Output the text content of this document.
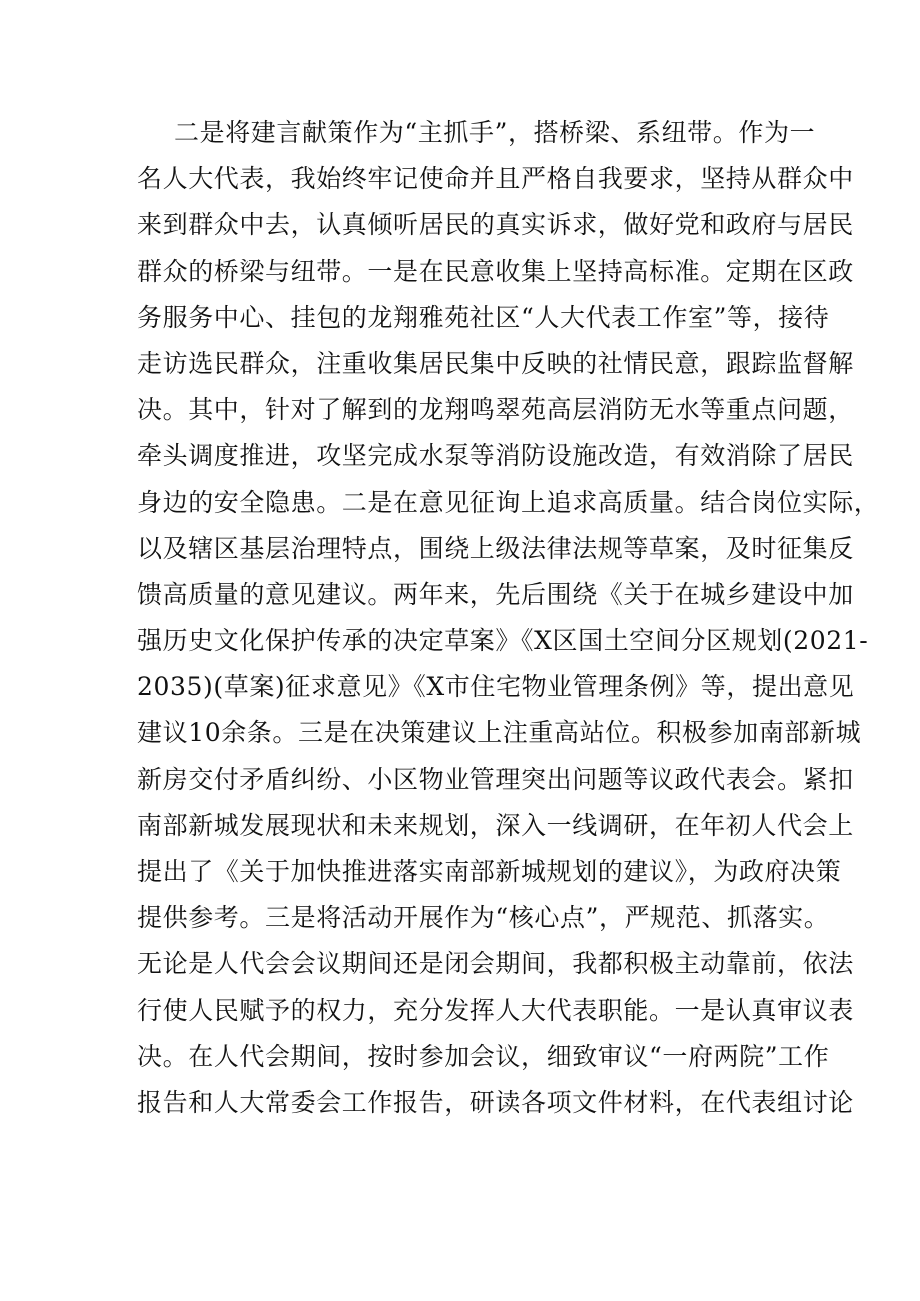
二是将建言献策作为“主抓手”，搭桥梁、系纽带。作为一
名人大代表，我始终牢记使命并且严格自我要求，坚持从群众中
来到群众中去，认真倾听居民的真实诉求，做好党和政府与居民
群众的桥梁与纽带。一是在民意收集上坚持高标准。定期在区政
务服务中心、挂包的龙翔雅苑社区“人大代表工作室”等，接待
走访选民群众，注重收集居民集中反映的社情民意，跟踪监督解
决。其中，针对了解到的龙翔鸣翠苑高层消防无水等重点问题，
牵头调度推进，攻坚完成水泵等消防设施改造，有效消除了居民
身边的安全隐患。二是在意见征询上追求高质量。结合岗位实际，
以及辖区基层治理特点，围绕上级法律法规等草案，及时征集反
馈高质量的意见建议。两年来，先后围绕《关于在城乡建设中加
强历史文化保护传承的决定草案》《X区国土空间分区规划(2021-
2035)(草案)征求意见》《X市住宅物业管理条例》等，提出意见
建议10余条。三是在决策建议上注重高站位。积极参加南部新城
新房交付矛盾纠纷、小区物业管理突出问题等议政代表会。紧扣
南部新城发展现状和未来规划，深入一线调研，在年初人代会上
提出了《关于加快推进落实南部新城规划的建议》，为政府决策
提供参考。三是将活动开展作为“核心点”，严规范、抓落实。
无论是人代会会议期间还是闭会期间，我都积极主动靠前，依法
行使人民赋予的权力，充分发挥人大代表职能。一是认真审议表
决。在人代会期间，按时参加会议，细致审议“一府两院”工作
报告和人大常委会工作报告，研读各项文件材料，在代表组讨论
